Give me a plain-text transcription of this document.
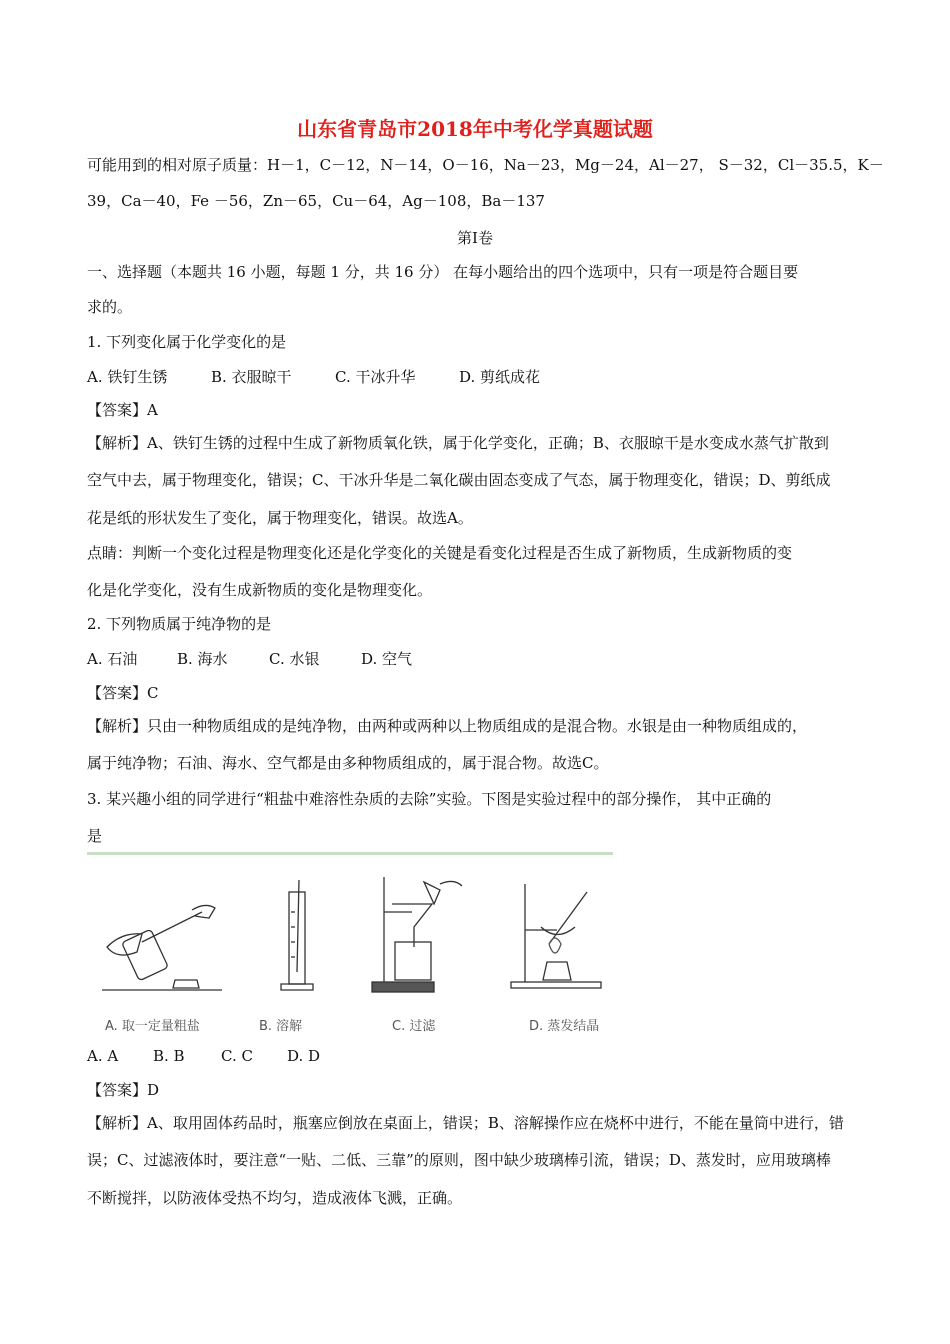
山东省青岛市2018年中考化学真题试题
可能用到的相对原子质量：H－1，C－12，N－14，O－16，Na－23，Mg－24，Al－27， S－32，Cl－35.5，K－
39，Ca－40，Fe －56，Zn－65，Cu－64，Ag－108，Ba－137
第Ⅰ卷
一、选择题（本题共 16 小题，每题 1 分，共 16 分） 在每小题给出的四个选项中，只有一项是符合题目要
求的。
1. 下列变化属于化学变化的是
A. 铁钉生锈	B. 衣服晾干	C. 干冰升华	D. 剪纸成花
【答案】A
【解析】A、铁钉生锈的过程中生成了新物质氧化铁，属于化学变化，正确；B、衣服晾干是水变成水蒸气扩散到
空气中去，属于物理变化，错误；C、干冰升华是二氧化碳由固态变成了气态，属于物理变化，错误；D、剪纸成
花是纸的形状发生了变化，属于物理变化，错误。故选A。
点睛：判断一个变化过程是物理变化还是化学变化的关键是看变化过程是否生成了新物质，生成新物质的变
化是化学变化，没有生成新物质的变化是物理变化。
2. 下列物质属于纯净物的是
A. 石油	B. 海水	C. 水银	D. 空气
【答案】C
【解析】只由一种物质组成的是纯净物，由两种或两种以上物质组成的是混合物。水银是由一种物质组成的，
属于纯净物；石油、海水、空气都是由多种物质组成的，属于混合物。故选C。
3. 某兴趣小组的同学进行“粗盐中难溶性杂质的去除”实验。下图是实验过程中的部分操作， 其中正确的
是
A. 取一定量粗盐	B. 溶解	C. 过滤	D. 蒸发结晶
A. A B. B C. C D. D
【答案】D
【解析】A、取用固体药品时，瓶塞应倒放在桌面上，错误；B、溶解操作应在烧杯中进行，不能在量筒中进行，错
误；C、过滤液体时，要注意“一贴、二低、三靠”的原则，图中缺少玻璃棒引流，错误；D、蒸发时，应用玻璃棒
不断搅拌，以防液体受热不均匀，造成液体飞溅，正确。
